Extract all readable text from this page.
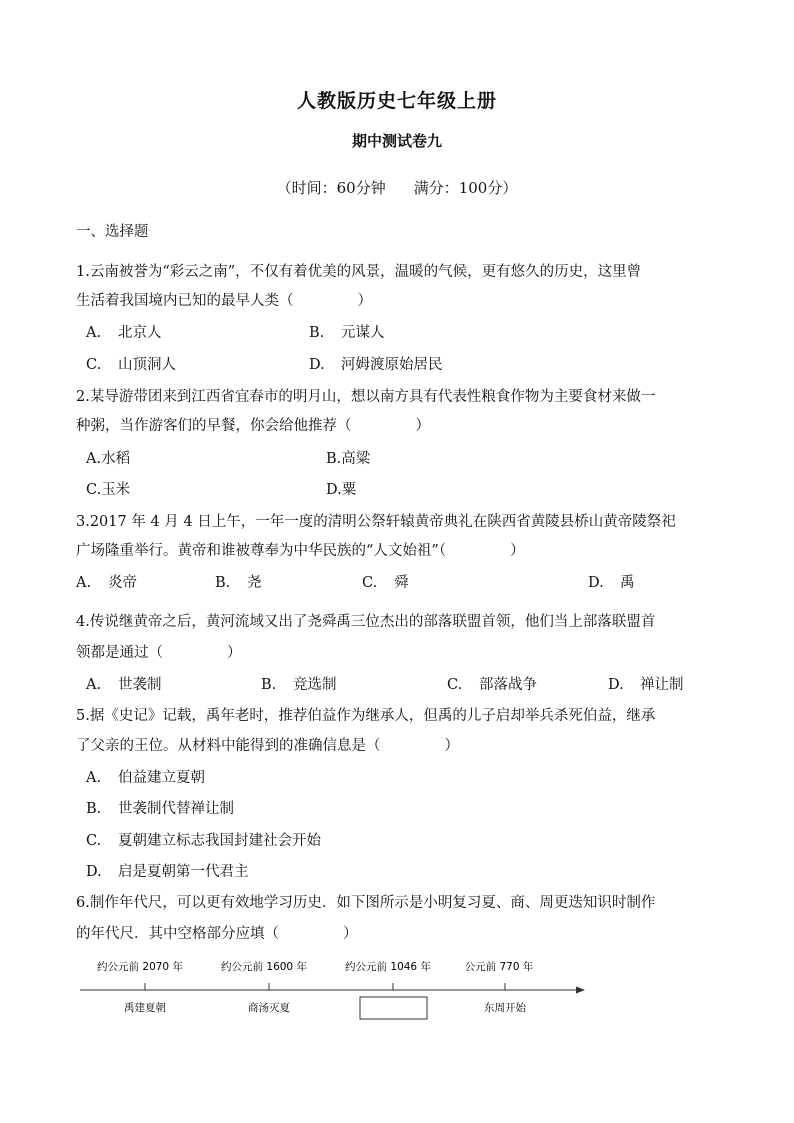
人教版历史七年级上册
期中测试卷九
（时间：60分钟 满分：100分）
一、选择题
1.云南被誉为“彩云之南”，不仅有着优美的风景，温暖的气候，更有悠久的历史，这里曾
生活着我国境内已知的最早人类（	）
A. 北京人	B. 元谋人
C. 山顶洞人	D. 河姆渡原始居民
2.某导游带团来到江西省宜春市的明月山，想以南方具有代表性粮食作物为主要食材来做一
种粥，当作游客们的早餐，你会给他推荐（	）
A.水稻	B.高粱
C.玉米	D.粟
3.2017 年 4 月 4 日上午，一年一度的清明公祭轩辕黄帝典礼在陕西省黄陵县桥山黄帝陵祭祀
广场隆重举行。黄帝和谁被尊奉为中华民族的“人文始祖”（	）
A. 炎帝	B. 尧	C. 舜	D. 禹
4.传说继黄帝之后，黄河流域又出了尧舜禹三位杰出的部落联盟首领，他们当上部落联盟首
领都是通过（	）
A. 世袭制	B. 竞选制	C. 部落战争	D. 禅让制
5.据《史记》记载，禹年老时，推荐伯益作为继承人，但禹的儿子启却举兵杀死伯益，继承
了父亲的王位。从材料中能得到的准确信息是（	）
A. 伯益建立夏朝
B. 世袭制代替禅让制
C. 夏朝建立标志我国封建社会开始
D. 启是夏朝第一代君主
6.制作年代尺，可以更有效地学习历史．如下图所示是小明复习夏、商、周更迭知识时制作
的年代尺．其中空格部分应填（	）
约公元前 2070 年	约公元前 1600 年	约公元前 1046 年	公元前 770 年
禹建夏朝	商汤灭夏	东周开始
